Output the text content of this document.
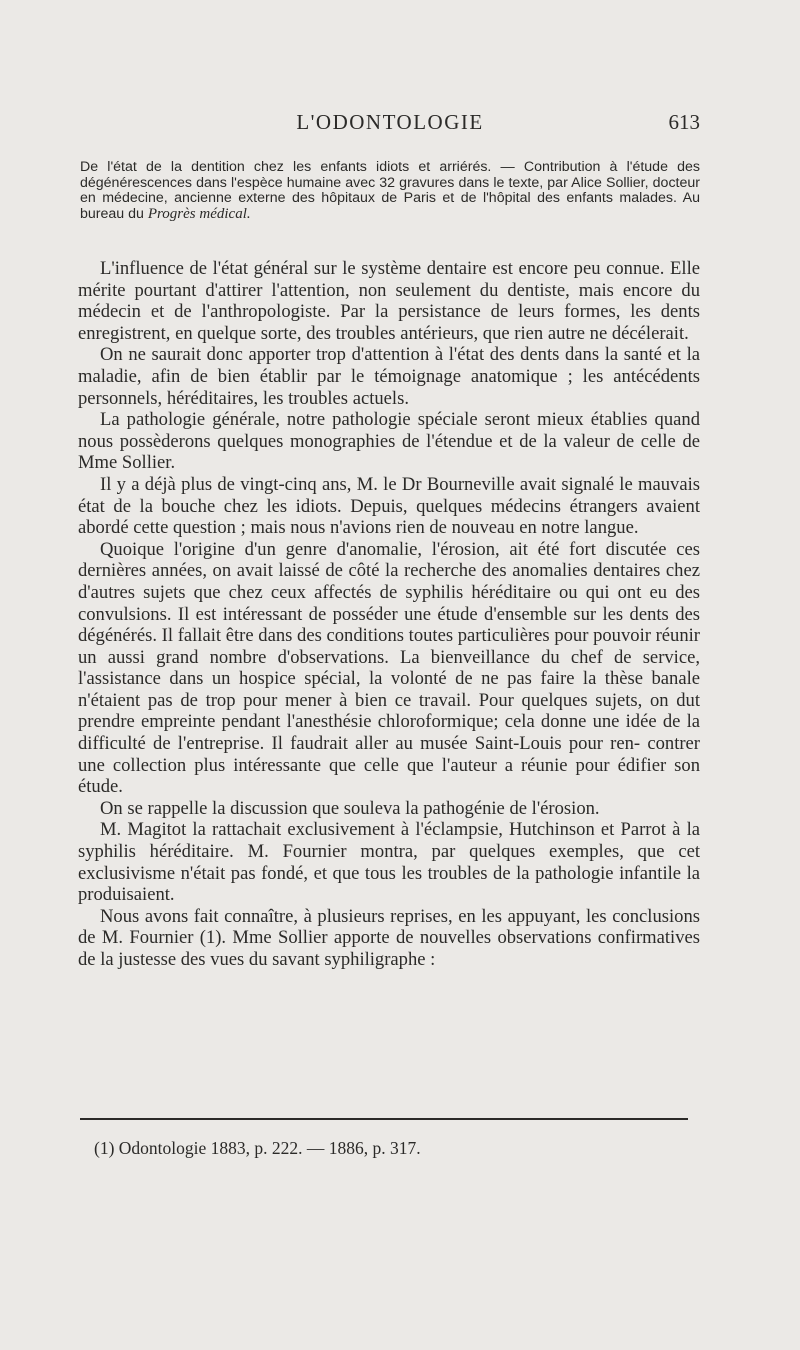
L'ODONTOLOGIE	613
De l'état de la dentition chez les enfants idiots et arriérés. — Contribution à l'étude des dégénérescences dans l'espèce humaine avec 32 gravures dans le texte, par Alice Sollier, docteur en médecine, ancienne externe des hôpitaux de Paris et de l'hôpital des enfants malades. Au bureau du Progrès médical.

L'influence de l'état général sur le système dentaire est encore peu connue. Elle mérite pourtant d'attirer l'attention, non seulement du dentiste, mais encore du médecin et de l'anthropologiste. Par la persistance de leurs formes, les dents enregistrent, en quelque sorte, des troubles antérieurs, que rien autre ne décélerait.

On ne saurait donc apporter trop d'attention à l'état des dents dans la santé et la maladie, afin de bien établir par le témoignage anatomique ; les antécédents personnels, héréditaires, les troubles actuels.

La pathologie générale, notre pathologie spéciale seront mieux établies quand nous possèderons quelques monographies de l'étendue et de la valeur de celle de Mme Sollier.

Il y a déjà plus de vingt-cinq ans, M. le Dr Bourneville avait signalé le mauvais état de la bouche chez les idiots. Depuis, quelques médecins étrangers avaient abordé cette question ; mais nous n'avions rien de nouveau en notre langue.

Quoique l'origine d'un genre d'anomalie, l'érosion, ait été fort discutée ces dernières années, on avait laissé de côté la recherche des anomalies dentaires chez d'autres sujets que chez ceux affectés de syphilis héréditaire ou qui ont eu des convulsions. Il est intéressant de posséder une étude d'ensemble sur les dents des dégénérés. Il fallait être dans des conditions toutes particulières pour pouvoir réunir un aussi grand nombre d'observations. La bienveillance du chef de service, l'assistance dans un hospice spécial, la volonté de ne pas faire la thèse banale n'étaient pas de trop pour mener à bien ce travail. Pour quelques sujets, on dut prendre empreinte pendant l'anesthésie chloroformique; cela donne une idée de la difficulté de l'entreprise. Il faudrait aller au musée Saint-Louis pour ren- contrer une collection plus intéressante que celle que l'auteur a réunie pour édifier son étude.

On se rappelle la discussion que souleva la pathogénie de l'érosion.

M. Magitot la rattachait exclusivement à l'éclampsie, Hutchinson et Parrot à la syphilis héréditaire. M. Fournier montra, par quelques exemples, que cet exclusivisme n'était pas fondé, et que tous les troubles de la pathologie infantile la produisaient.

Nous avons fait connaître, à plusieurs reprises, en les appuyant, les conclusions de M. Fournier (1). Mme Sollier apporte de nouvelles observations confirmatives de la justesse des vues du savant syphiligraphe :

(1) Odontologie 1883, p. 222. — 1886, p. 317.
